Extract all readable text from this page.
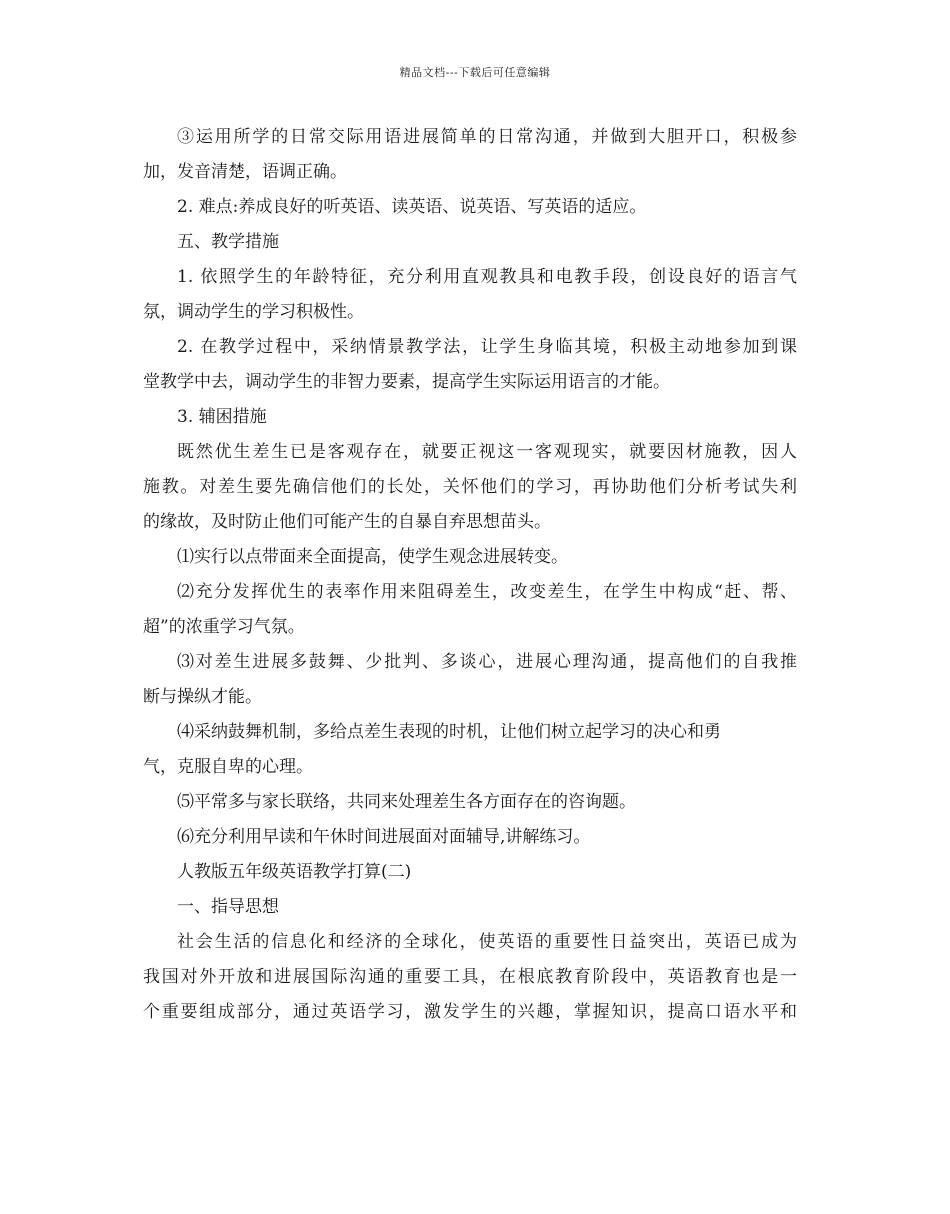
精品文档---下载后可任意编辑
③运用所学的日常交际用语进展简单的日常沟通，并做到大胆开口，积极参
加，发音清楚，语调正确。
2. 难点:养成良好的听英语、读英语、说英语、写英语的适应。
五、教学措施
1. 依照学生的年龄特征，充分利用直观教具和电教手段，创设良好的语言气
氛，调动学生的学习积极性。
2. 在教学过程中，采纳情景教学法，让学生身临其境，积极主动地参加到课
堂教学中去，调动学生的非智力要素，提高学生实际运用语言的才能。
3. 辅困措施
既然优生差生已是客观存在，就要正视这一客观现实，就要因材施教，因人
施教。对差生要先确信他们的长处，关怀他们的学习，再协助他们分析考试失利
的缘故，及时防止他们可能产生的自暴自弃思想苗头。
⑴实行以点带面来全面提高，使学生观念进展转变。
⑵充分发挥优生的表率作用来阻碍差生，改变差生，在学生中构成“赶、帮、
超”的浓重学习气氛。
⑶对差生进展多鼓舞、少批判、多谈心，进展心理沟通，提高他们的自我推
断与操纵才能。
⑷采纳鼓舞机制，多给点差生表现的时机，让他们树立起学习的决心和勇
气，克服自卑的心理。
⑸平常多与家长联络，共同来处理差生各方面存在的咨询题。
⑹充分利用早读和午休时间进展面对面辅导,讲解练习。
人教版五年级英语教学打算(二)
一、指导思想
社会生活的信息化和经济的全球化，使英语的重要性日益突出，英语已成为
我国对外开放和进展国际沟通的重要工具，在根底教育阶段中，英语教育也是一
个重要组成部分，通过英语学习，激发学生的兴趣，掌握知识，提高口语水平和
